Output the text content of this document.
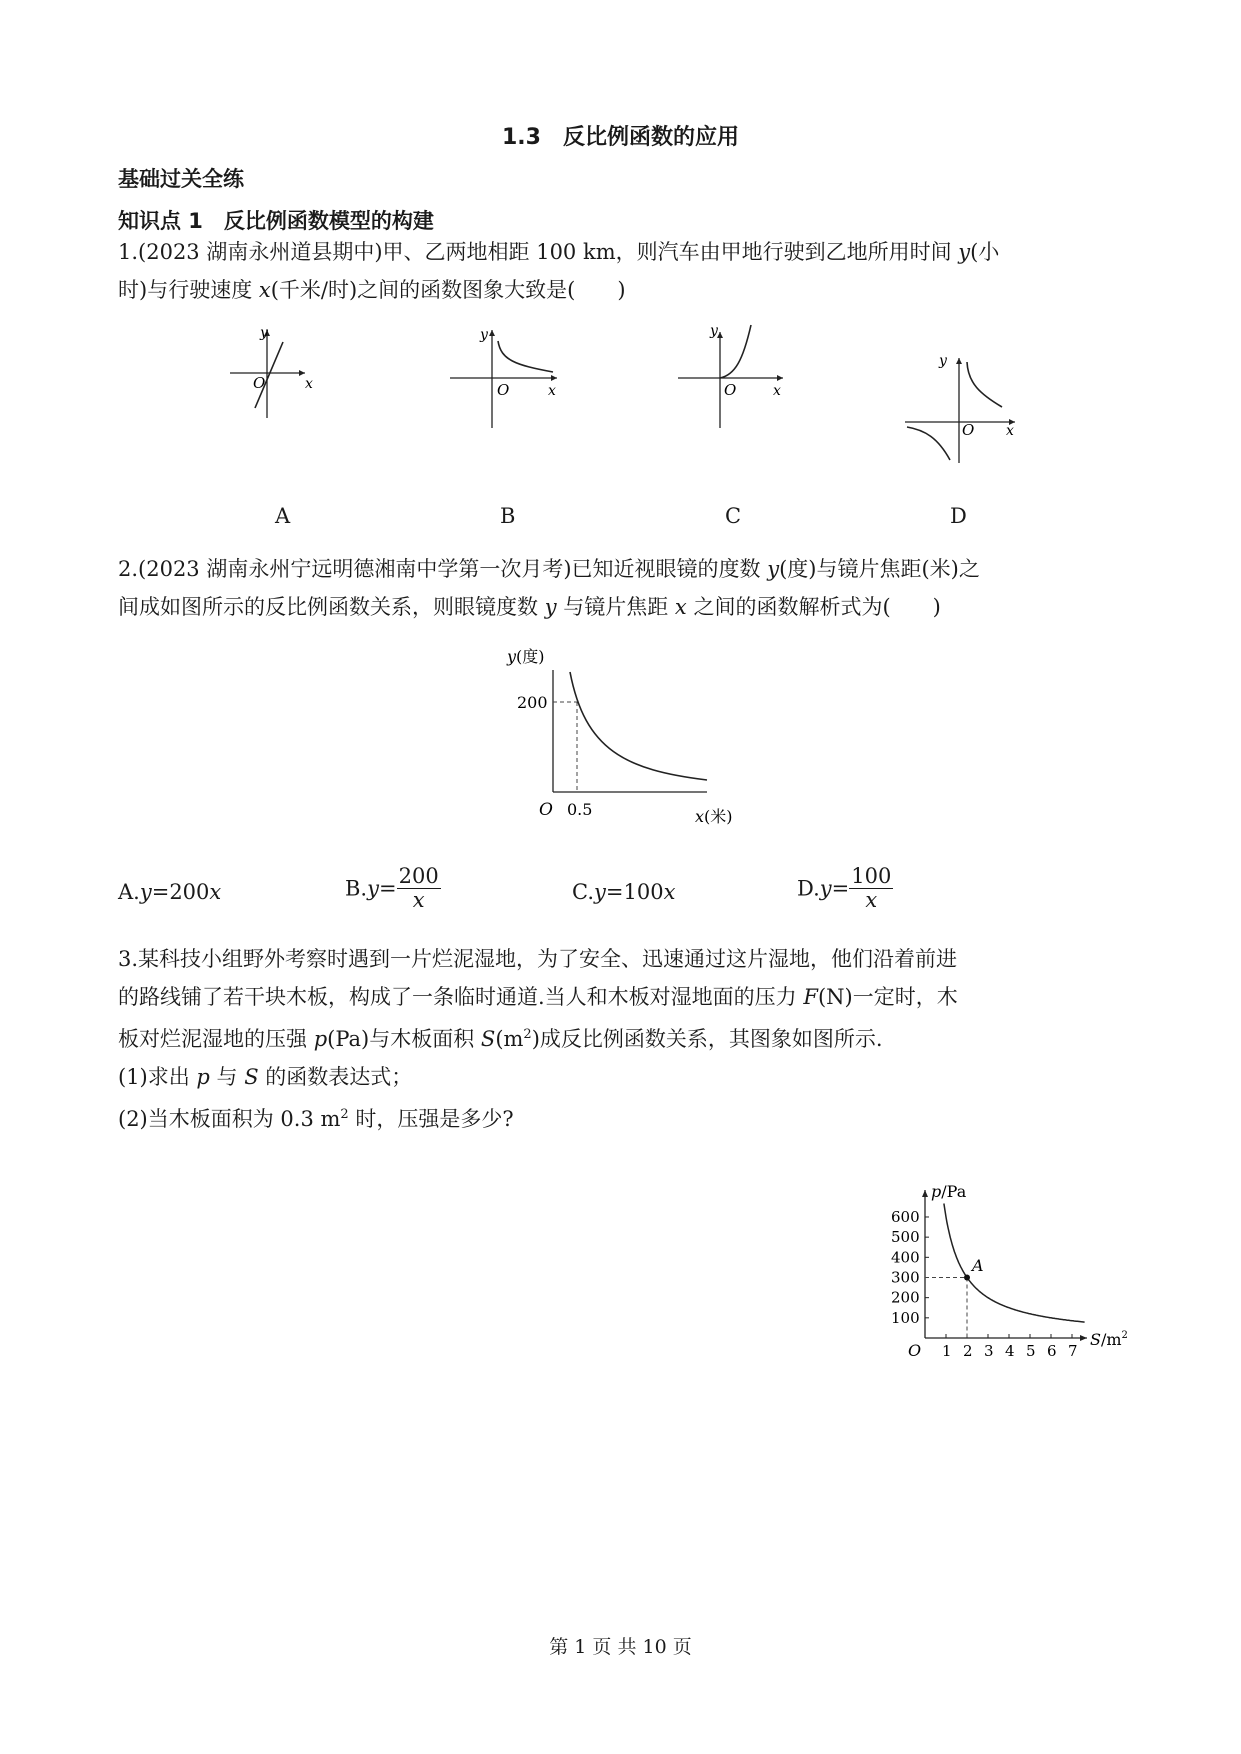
1.3　反比例函数的应用
基础过关全练
知识点 1　反比例函数模型的构建
1.(2023 湖南永州道县期中)甲、乙两地相距 100 km，则汽车由甲地行驶到乙地所用时间 y(小
时)与行驶速度 x(千米/时)之间的函数图象大致是(　　)
y
O	x
A
y
O	x
B
y
O	x
C
y
O x
D
2.(2023 湖南永州宁远明德湘南中学第一次月考)已知近视眼镜的度数 y(度)与镜片焦距(米)之
间成如图所示的反比例函数关系，则眼镜度数 y 与镜片焦距 x 之间的函数解析式为(　　)
y(度)
200
O 0.5	x(米)
A.y=200x	$B.y= \frac{200}{x}$	C.y=100x	$D.y= \frac{100}{x}$
3.某科技小组野外考察时遇到一片烂泥湿地，为了安全、迅速通过这片湿地，他们沿着前进
的路线铺了若干块木板，构成了一条临时通道.当人和木板对湿地面的压力 F(N)一定时，木
板对烂泥湿地的压强 p(Pa)与木板面积 $S(m^2)$成反比例函数关系，其图象如图所示.
(1)求出 p 与 S 的函数表达式；
(2)当木板面积为 0.3 $m^2$ 时，压强是多少?
600
500
400
300
200
100
1 2 3 4 5 6 7
A
p/Pa
O
$S/m^2$
第 1 页 共 10 页
